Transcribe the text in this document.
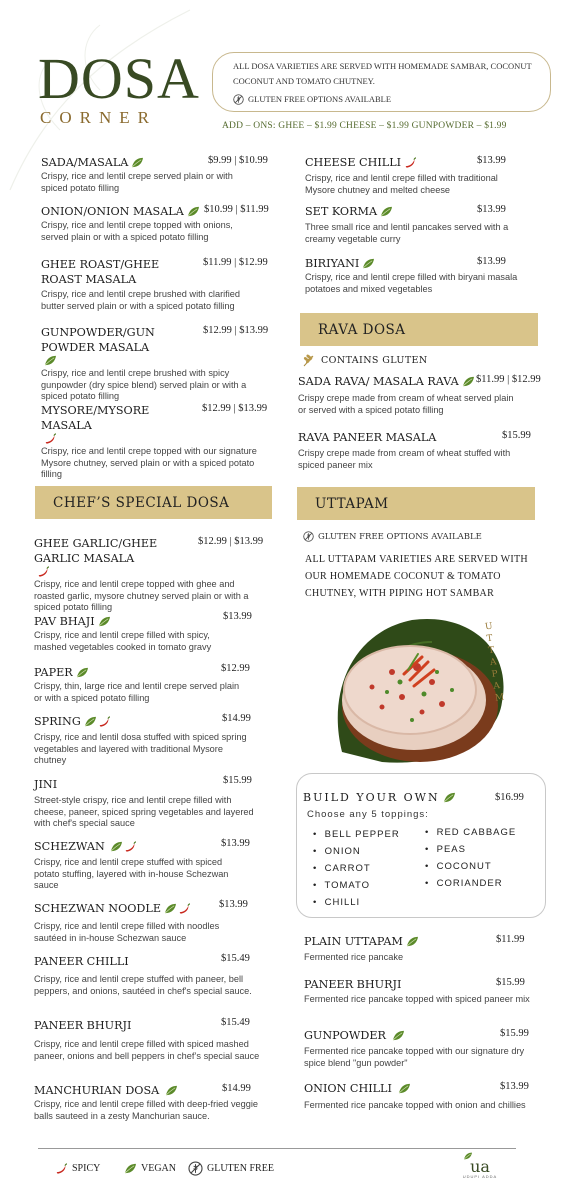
DOSA
CORNER
ALL DOSA VARIETIES ARE SERVED WITH HOMEMADE SAMBAR, COCONUT
COCONUT AND TOMATO CHUTNEY.
GLUTEN FREE OPTIONS AVAILABLE
ADD – ONS: GHEE – $1.99 CHEESE – $1.99 GUNPOWDER – $1.99
SADA/MASALA	$9.99 | $10.99
Crispy, rice and lentil crepe served plain or with spiced potato filling
ONION/ONION MASALA $10.99 | $11.99
Crispy, rice and lentil crepe topped with onions, served plain or with a spiced potato filling
GHEE ROAST/GHEE ROAST MASALA
$11.99 | $12.99
Crispy, rice and lentil crepe brushed with clarified butter served plain or with a spiced potato filling
GUNPOWDER/GUN POWDER MASALA
$12.99 | $13.99
Crispy, rice and lentil crepe brushed with spicy gunpowder (dry spice blend) served plain or with a spiced potato filling
MYSORE/MYSORE MASALA
$12.99 | $13.99
Crispy, rice and lentil crepe topped with our signature Mysore chutney, served plain or with a spiced potato filling
CHEESE CHILLI	$13.99
Crispy, rice and lentil crepe filled with traditional Mysore chutney and melted cheese
SET KORMA	$13.99
Three small rice and lentil pancakes served with a creamy vegetable curry
BIRIYANI	$13.99
Crispy, rice and lentil crepe filled with biryani masala potatoes and mixed vegetables
RAVA DOSA
CONTAINS GLUTEN
SADA RAVA/ MASALA RAVA $11.99 | $12.99
Crispy crepe made from cream of wheat served plain or served with a spiced potato filling
RAVA PANEER MASALA	$15.99
Crispy crepe made from cream of wheat stuffed with spiced paneer mix
CHEF’S SPECIAL DOSA
GHEE GARLIC/GHEE GARLIC MASALA
$12.99 | $13.99
Crispy, rice and lentil crepe topped with ghee and roasted garlic, mysore chutney served plain or with a spiced potato filling
PAV BHAJI	$13.99
Crispy, rice and lentil crepe filled with spicy, mashed vegetables cooked in tomato gravy
PAPER	$12.99
Crispy, thin, large rice and lentil crepe served plain or with a spiced potato filling
SPRING	$14.99
Crispy, rice and lentil dosa stuffed with spiced spring vegetables and layered with traditional Mysore chutney
JINI	$15.99
Street-style crispy, rice and lentil crepe filled with cheese, paneer, spiced spring vegetables and layered with chef's special sauce
SCHEZWAN	$13.99
Crispy, rice and lentil crepe stuffed with spiced potato stuffing, layered with in-house Schezwan sauce
SCHEZWAN NOODLE	$13.99
Crispy, rice and lentil crepe filled with noodles sautéed in in-house Schezwan sauce
PANEER CHILLI	$15.49
Crispy, rice and lentil crepe stuffed with paneer, bell peppers, and onions, sautéed in chef's special sauce.
PANEER BHURJI	$15.49
Crispy, rice and lentil crepe filled with spiced mashed paneer, onions and bell peppers in chef’s special sauce
MANCHURIAN DOSA	$14.99
Crispy, rice and lentil crepe filled with deep-fried veggie balls sauteed in a zesty Manchurian sauce.
UTTAPAM
GLUTEN FREE OPTIONS AVAILABLE
ALL UTTAPAM VARIETIES ARE SERVED WITH OUR HOMEMADE COCONUT & TOMATO CHUTNEY, WITH PIPING HOT SAMBAR
UTTAPAM
BUILD YOUR OWN	$16.99
Choose any 5 toppings:
•  BELL PEPPER
•  ONION
•  CARROT
•  TOMATO
•  CHILLI
•  RED CABBAGE
•  PEAS
•  COCONUT
•  CORIANDER
PLAIN UTTAPAM	$11.99
Fermented rice pancake
PANEER BHURJI	$15.99
Fermented rice pancake topped with spiced paneer mix
GUNPOWDER	$15.99
Fermented rice pancake topped with our signature dry spice blend "gun powder"
ONION CHILLI	$13.99
Fermented rice pancake topped with onion and chillies
SPICY	VEGAN	GLUTEN FREE	ua
UDUPI ADDA
